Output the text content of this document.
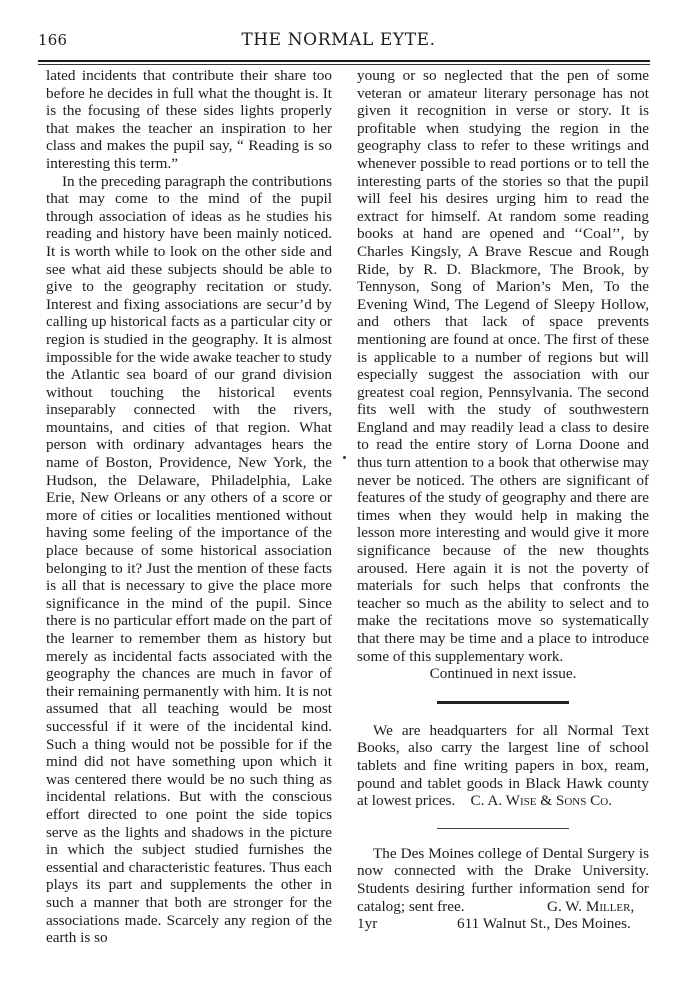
166	THE NORMAL EYTE.

lated incidents that contribute their share too before he decides in full what the thought is. It is the focusing of these sides lights properly that makes the teacher an inspiration to her class and makes the pupil say, “ Reading is so interesting this term.”

In the preceding paragraph the contributions that may come to the mind of the pupil through association of ideas as he studies his reading and history have been mainly noticed. It is worth while to look on the other side and see what aid these subjects should be able to give to the geography recitation or study. Interest and fixing associations are secur’d by calling up historical facts as a particular city or region is studied in the geography. It is almost impossible for the wide awake teacher to study the Atlantic sea board of our grand division without touching the historical events inseparably connected with the rivers, mountains, and cities of that region. What person with ordinary advantages hears the name of Boston, Providence, New York, the Hudson, the Delaware, Philadelphia, Lake Erie, New Orleans or any others of a score or more of cities or localities mentioned without having some feeling of the importance of the place because of some historical association belonging to it? Just the mention of these facts is all that is necessary to give the place more significance in the mind of the pupil. Since there is no particular effort made on the part of the learner to remember them as history but merely as incidental facts associated with the geography the chances are much in favor of their remaining permanently with him. It is not assumed that all teaching would be most successful if it were of the incidental kind. Such a thing would not be possible for if the mind did not have something upon which it was centered there would be no such thing as incidental relations. But with the conscious effort directed to one point the side topics serve as the lights and shadows in the picture in which the subject studied furnishes the essential and characteristic features. Thus each plays its part and supplements the other in such a manner that both are stronger for the associations made. Scarcely any region of the earth is so

young or so neglected that the pen of some veteran or amateur literary personage has not given it recognition in verse or story. It is profitable when studying the region in the geography class to refer to these writings and whenever possible to read portions or to tell the interesting parts of the stories so that the pupil will feel his desires urging him to read the extract for himself. At random some reading books at hand are opened and ‘‘Coal’’, by Charles Kingsly, A Brave Rescue and Rough Ride, by R. D. Blackmore, The Brook, by Tennyson, Song of Marion’s Men, To the Evening Wind, The Legend of Sleepy Hollow, and others that lack of space prevents mentioning are found at once. The first of these is applicable to a number of regions but will especially suggest the association with our greatest coal region, Pennsylvania. The second fits well with the study of southwestern England and may readily lead a class to desire to read the entire story of Lorna Doone and thus turn attention to a book that otherwise may never be noticed. The others are significant of features of the study of geography and there are times when they would help in making the lesson more interesting and would give it more significance because of the new thoughts aroused. Here again it is not the poverty of materials for such helps that confronts the teacher so much as the ability to select and to make the recitations move so systematically that there may be time and a place to introduce some of this supplementary work.

Continued in next issue.

We are headquarters for all Normal Text Books, also carry the largest line of school tablets and fine writing papers in box, ream, pound and tablet goods in Black Hawk county at lowest prices. C. A. Wise & Sons Co.

The Des Moines college of Dental Surgery is now connected with the Drake University. Students desiring further information send for catalog; sent free.	G. W. Miller,
1yr	611 Walnut St., Des Moines.
